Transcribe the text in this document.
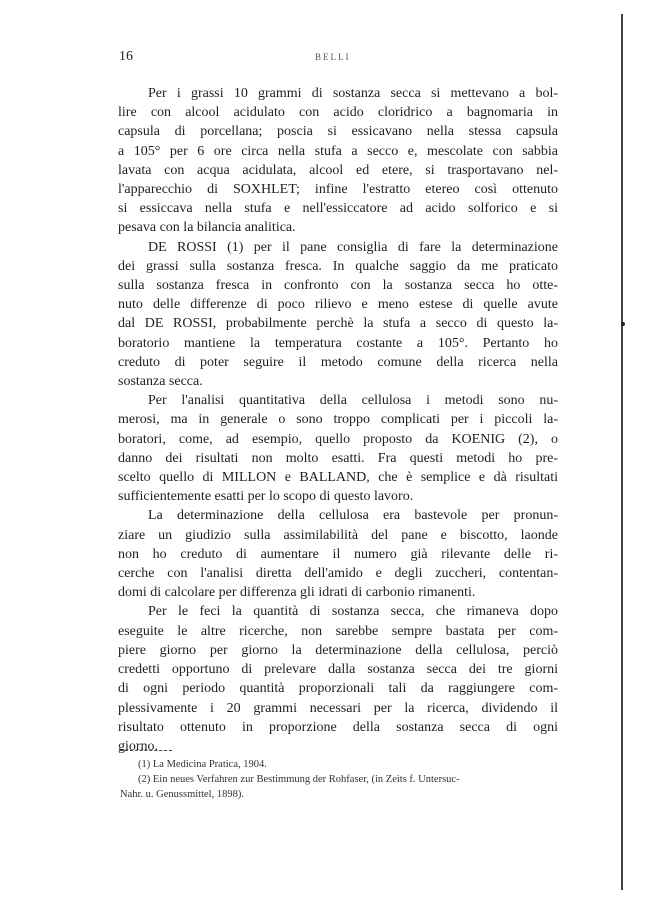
16	BELLI
Per i grassi 10 grammi di sostanza secca si mettevano a bol-
lire con alcool acidulato con acido cloridrico a bagnomaria in
capsula di porcellana; poscia si essicavano nella stessa capsula
a 105° per 6 ore circa nella stufa a secco e, mescolate con sabbia
lavata con acqua acidulata, alcool ed etere, si trasportavano nel-
l'apparecchio di SOXHLET; infine l'estratto etereo così ottenuto
si essiccava nella stufa e nell'essiccatore ad acido solforico e si
pesava con la bilancia analitica.
DE ROSSI (1) per il pane consiglia di fare la determinazione
dei grassi sulla sostanza fresca. In qualche saggio da me praticato
sulla sostanza fresca in confronto con la sostanza secca ho otte-
nuto delle differenze di poco rilievo e meno estese di quelle avute
dal DE ROSSI, probabilmente perchè la stufa a secco di questo la-
boratorio mantiene la temperatura costante a 105°. Pertanto ho
creduto di poter seguire il metodo comune della ricerca nella
sostanza secca.
Per l'analisi quantitativa della cellulosa i metodi sono nu-
merosi, ma in generale o sono troppo complicati per i piccoli la-
boratori, come, ad esempio, quello proposto da KOENIG (2), o
danno dei risultati non molto esatti. Fra questi metodi ho pre-
scelto quello di MILLON e BALLAND, che è semplice e dà risultati
sufficientemente esatti per lo scopo di questo lavoro.
La determinazione della cellulosa era bastevole per pronun-
ziare un giudizio sulla assimilabilità del pane e biscotto, laonde
non ho creduto di aumentare il numero già rilevante delle ri-
cerche con l'analisi diretta dell'amido e degli zuccheri, contentan-
domi di calcolare per differenza gli idrati di carbonio rimanenti.
Per le feci la quantità di sostanza secca, che rimaneva dopo
eseguite le altre ricerche, non sarebbe sempre bastata per com-
piere giorno per giorno la determinazione della cellulosa, perciò
credetti opportuno di prelevare dalla sostanza secca dei tre giorni
di ogni periodo quantità proporzionali tali da raggiungere com-
plessivamente i 20 grammi necessari per la ricerca, dividendo il
risultato ottenuto in proporzione della sostanza secca di ogni
giorno.
(1) La Medicina Pratica, 1904.
(2) Ein neues Verfahren zur Bestimmung der Rohfaser, (in Zeits f. Untersuc-
Nahr. u. Genussmittel, 1898).
